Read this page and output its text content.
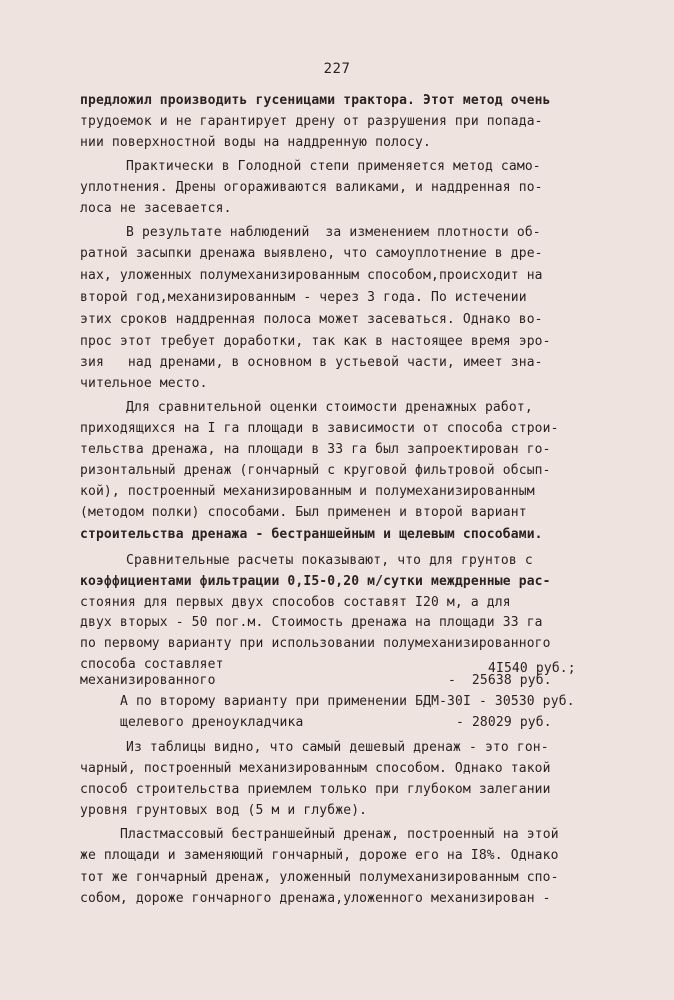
227
предложил производить гусеницами трактора. Этот метод очень
трудоемок и не гарантирует дрену от разрушения при попада-
нии поверхностной воды на наддренную полосу.
Практически в Голодной степи применяется метод само-
уплотнения. Дрены огораживаются валиками, и наддренная по-
лоса не засевается.
В результате наблюдений  за изменением плотности об-
ратной засыпки дренажа выявлено, что самоуплотнение в дре-
нах, уложенных полумеханизированным способом,происходит на
второй год,механизированным - через 3 года. По истечении
этих сроков наддренная полоса может засеваться. Однако во-
прос этот требует доработки, так как в настоящее время эро-
зия   над дренами, в основном в устьевой части, имеет зна-
чительное место.
Для сравнительной оценки стоимости дренажных работ,
приходящихся на I га площади в зависимости от способа строи-
тельства дренажа, на площади в 33 га был запроектирован го-
ризонтальный дренаж (гончарный с круговой фильтровой обсып-
кой), построенный механизированным и полумеханизированным
(методом полки) способами. Был применен и второй вариант
строительства дренажа - бестраншейным и щелевым способами.
Сравнительные расчеты показывают, что для грунтов с
коэффициентами фильтрации 0,I5-0,20 м/сутки междренные рас-
стояния для первых двух способов составят I20 м, а для
двух вторых - 50 пог.м. Стоимость дренажа на площади 33 га
по первому варианту при использовании полумеханизированного
способа составляет	4I540 руб.;
механизированного	-  25638 руб.
А по второму варианту при применении БДМ-30I - 30530 руб.
щелевого дреноукладчика	- 28029 руб.
Из таблицы видно, что самый дешевый дренаж - это гон-
чарный, построенный механизированным способом. Однако такой
способ строительства приемлем только при глубоком залегании
уровня грунтовых вод (5 м и глубже).
Пластмассовый бестраншейный дренаж, построенный на этой
же площади и заменяющий гончарный, дороже его на I8%. Однако
тот же гончарный дренаж, уложенный полумеханизированным спо-
собом, дороже гончарного дренажа,уложенного механизирован -
